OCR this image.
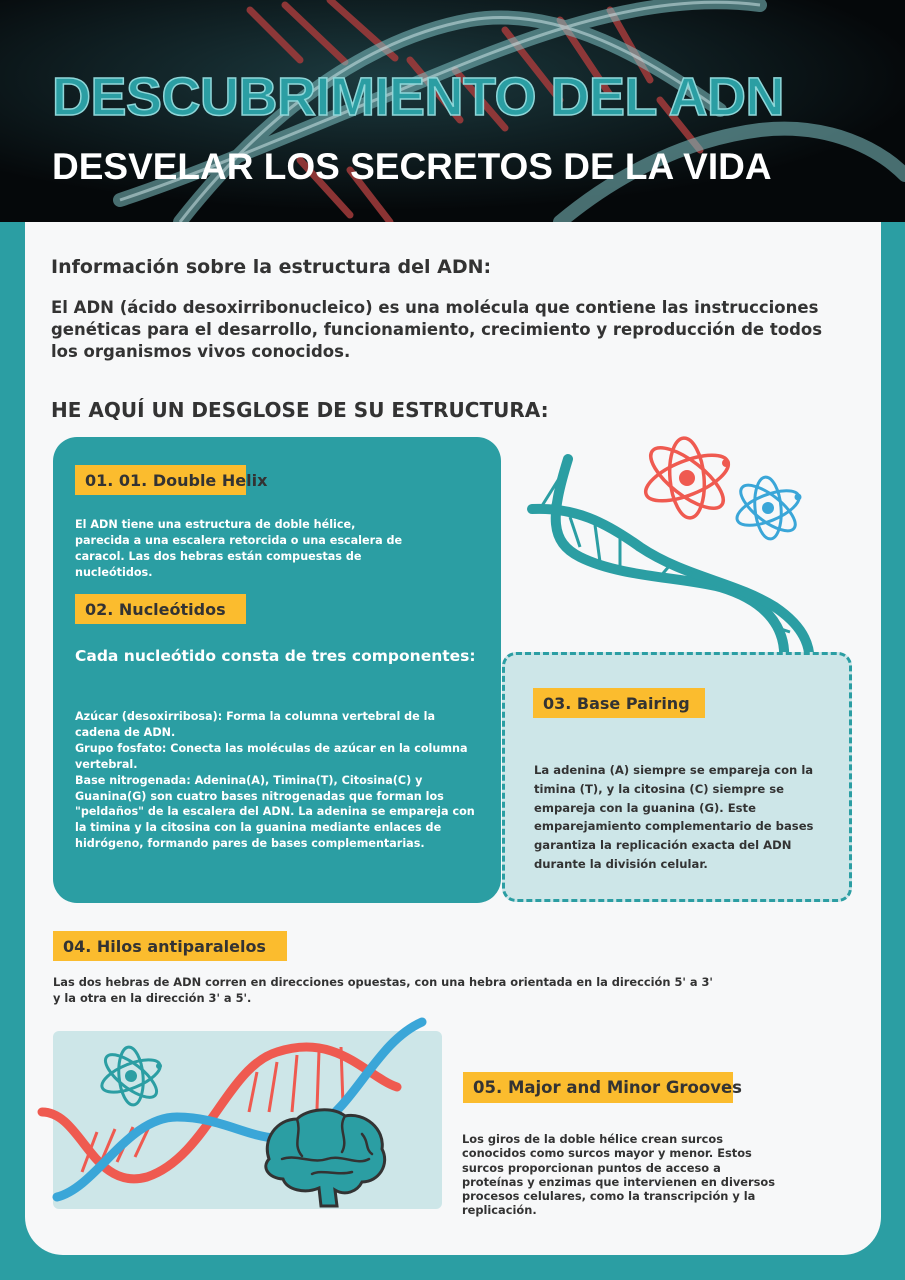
DESCUBRIMIENTO DEL ADN
DESVELAR LOS SECRETOS DE LA VIDA
Información sobre la estructura del ADN:

El ADN (ácido desoxirribonucleico) es una molécula que contiene las instrucciones genéticas para el desarrollo, funcionamiento, crecimiento y reproducción de todos los organismos vivos conocidos.

HE AQUÍ UN DESGLOSE DE SU ESTRUCTURA:
01. 01. Double Helix

El ADN tiene una estructura de doble hélice, parecida a una escalera retorcida o una escalera de caracol. Las dos hebras están compuestas de nucleótidos.

02. Nucleótidos

Cada nucleótido consta de tres componentes:

Azúcar (desoxirribosa): Forma la columna vertebral de la cadena de ADN.

Grupo fosfato: Conecta las moléculas de azúcar en la columna vertebral.

Base nitrogenada: Adenina(A), Timina(T), Citosina(C) y Guanina(G) son cuatro bases nitrogenadas que forman los "peldaños" de la escalera del ADN. La adenina se empareja con la timina y la citosina con la guanina mediante enlaces de hidrógeno, formando pares de bases complementarias.

03. Base Pairing

La adenina (A) siempre se empareja con la timina (T), y la citosina (C) siempre se empareja con la guanina (G). Este emparejamiento complementario de bases garantiza la replicación exacta del ADN durante la división celular.

04. Hilos antiparalelos

Las dos hebras de ADN corren en direcciones opuestas, con una hebra orientada en la dirección 5' a 3' y la otra en la dirección 3' a 5'.

05. Major and Minor Grooves

Los giros de la doble hélice crean surcos conocidos como surcos mayor y menor. Estos surcos proporcionan puntos de acceso a proteínas y enzimas que intervienen en diversos procesos celulares, como la transcripción y la replicación.
